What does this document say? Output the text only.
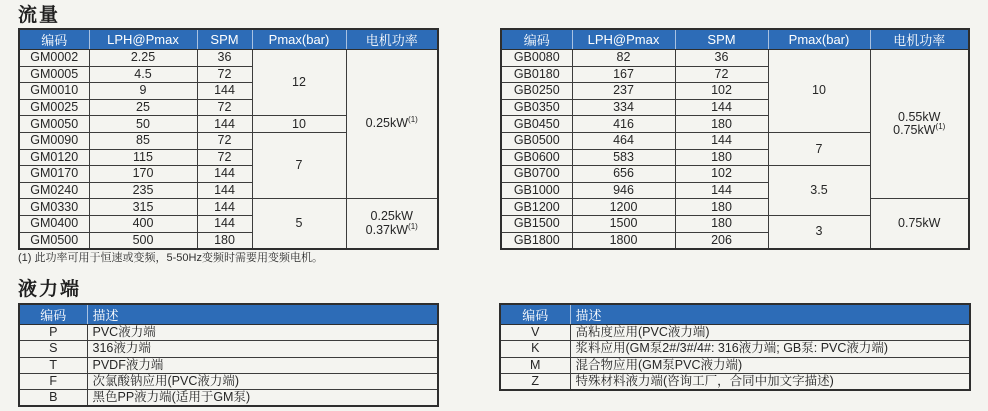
流量
编码	LPH@Pmax	SPM	Pmax(bar)	电机功率
GM0002	2.25	36	12	$0.25kW^{(1)}$

GM0005	4.5	72		
GM0010	9	144		
GM0025	25	72		
GM0050	50	144	10	
GM0090	85	72	7	
GM0120	115	72		
GM0170	170	144		
GM0240	235	144		
GM0330	315	144	5	0.25kW
$0.37kW^{(1)}$

GM0400	400	144		
GM0500	500	180		
编码	LPH@Pmax	SPM	Pmax(bar)	电机功率
GB0080	82	36	10	0.55kW
$0.75kW^{(1)}$

GB0180	167	72		
GB0250	237	102		
GB0350	334	144		
GB0450	416	180		
GB0500	464	144	7	
GB0600	583	180		
GB0700	656	102	3.5	
GB1000	946	144		
GB1200	1200	180		0.75kW

GB1500	1500	180	3	
GB1800	1800	206		
(1) 此功率可用于恒速或变频，5-50Hz变频时需要用变频电机。
液力端
编码	描述
P	PVC液力端
S	316液力端
T	PVDF液力端
F	次氯酸钠应用(PVC液力端)
B	黑色PP液力端(适用于GM泵)
编码	描述
V	高粘度应用(PVC液力端)
K	浆料应用(GM泵2#/3#/4#: 316液力端; GB泵: PVC液力端)
M	混合物应用(GM泵PVC液力端)
Z	特殊材料液力端(咨询工厂，合同中加文字描述)
